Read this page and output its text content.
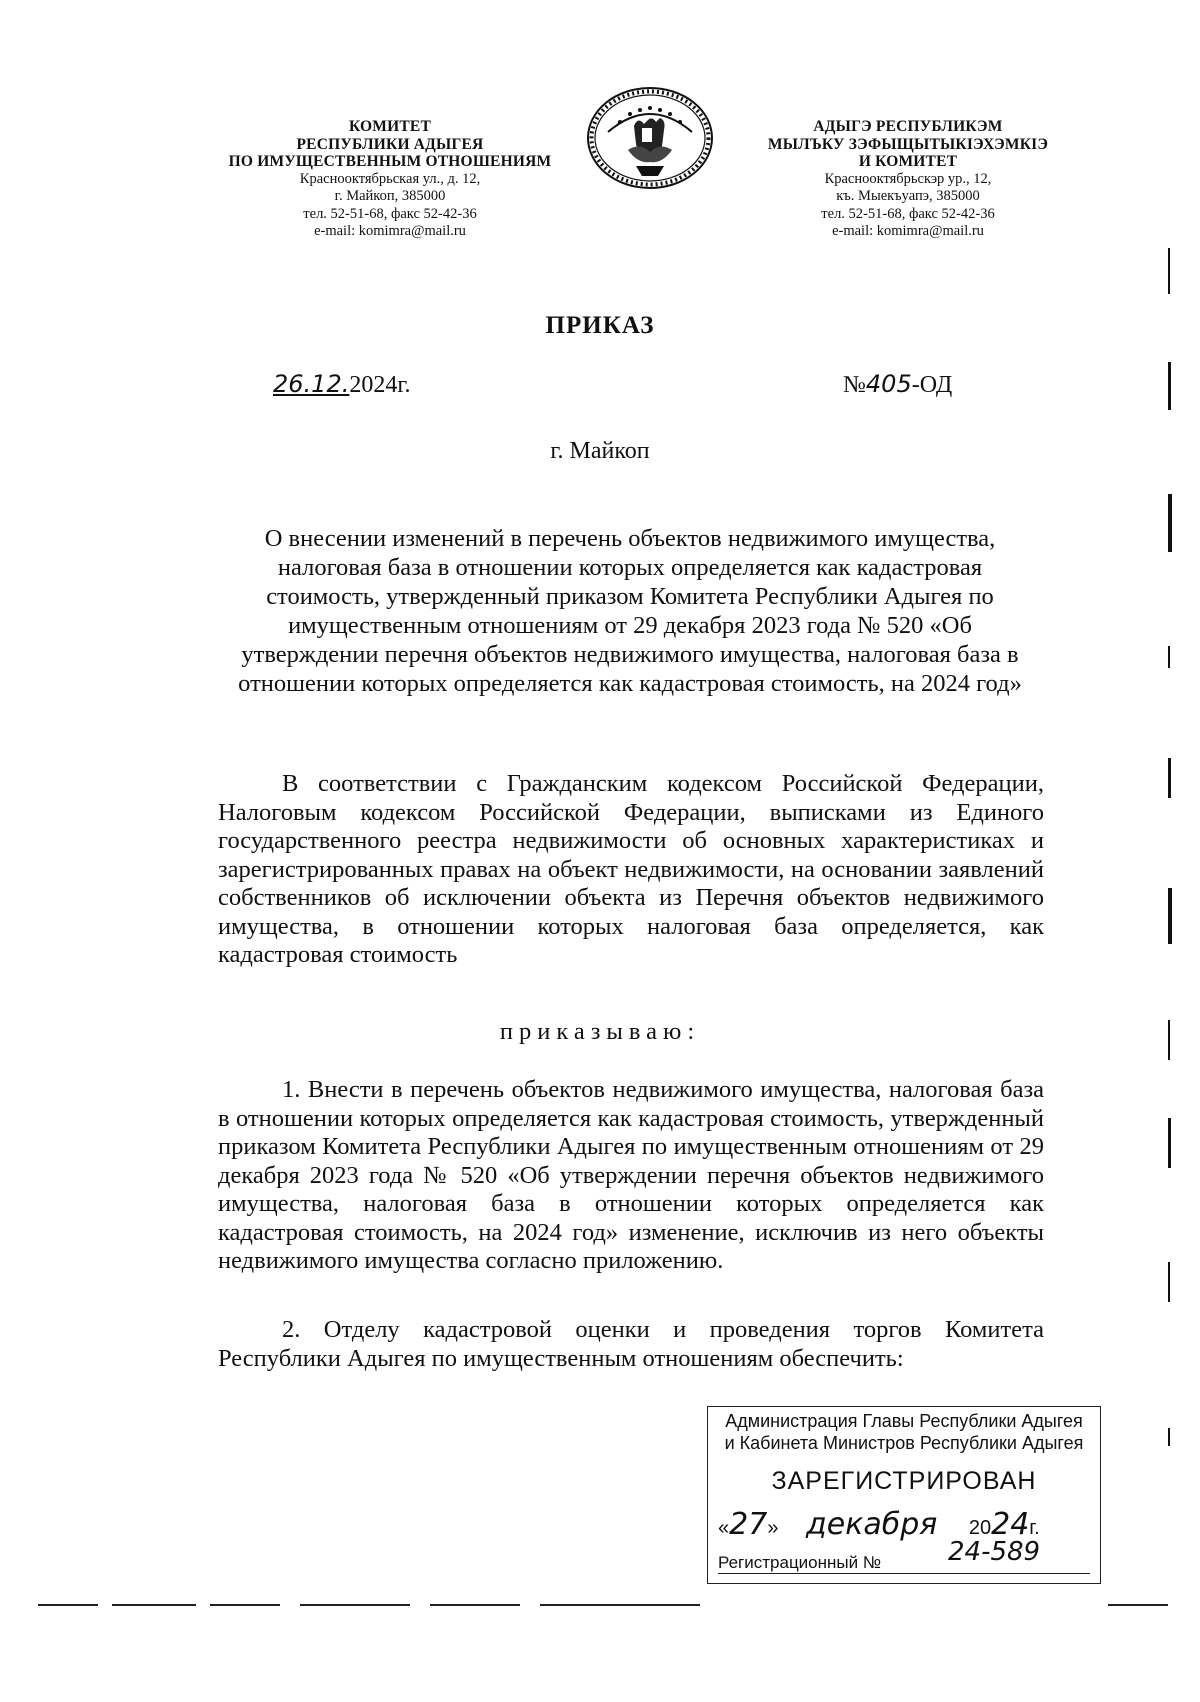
КОМИТЕТ
РЕСПУБЛИКИ АДЫГЕЯ
ПО ИМУЩЕСТВЕННЫМ ОТНОШЕНИЯМ
Краснооктябрьская ул., д. 12,
г. Майкоп, 385000
тел. 52-51-68, факс 52-42-36
e-mail: komimra@mail.ru
АДЫГЭ РЕСПУБЛИКЭМ
МЫЛЪКУ ЗЭФЫЩЫТЫКIЭХЭМКIЭ
И КОМИТЕТ
Краснооктябрьскэр ур., 12,
къ. Мыекъуапэ, 385000
тел. 52-51-68, факс 52-42-36
e-mail: komimra@mail.ru
ПРИКАЗ
26.12.2024г.	№405-ОД
г. Майкоп
О внесении изменений в перечень объектов недвижимого имущества,
налоговая база в отношении которых определяется как кадастровая
стоимость, утвержденный приказом Комитета Республики Адыгея по
имущественным отношениям от 29 декабря 2023 года № 520 «Об
утверждении перечня объектов недвижимого имущества, налоговая база в
отношении которых определяется как кадастровая стоимость, на 2024 год»
В соответствии с Гражданским кодексом Российской Федерации, Налоговым кодексом Российской Федерации, выписками из Единого государственного реестра недвижимости об основных характеристиках и зарегистрированных правах на объект недвижимости, на основании заявлений собственников об исключении объекта из Перечня объектов недвижимого имущества, в отношении которых налоговая база определяется, как кадастровая стоимость
приказываю:
1. Внести в перечень объектов недвижимого имущества, налоговая база в отношении которых определяется как кадастровая стоимость, утвержденный приказом Комитета Республики Адыгея по имущественным отношениям от 29 декабря 2023 года № 520 «Об утверждении перечня объектов недвижимого имущества, налоговая база в отношении которых определяется как кадастровая стоимость, на 2024 год» изменение, исключив из него объекты недвижимого имущества согласно приложению.
2. Отделу кадастровой оценки и проведения торгов Комитета Республики Адыгея по имущественным отношениям обеспечить:
Администрация Главы Республики Адыгея
и Кабинета Министров Республики Адыгея
ЗАРЕГИСТРИРОВАН
«27» декабря 2024г.
Регистрационный №	24-589
